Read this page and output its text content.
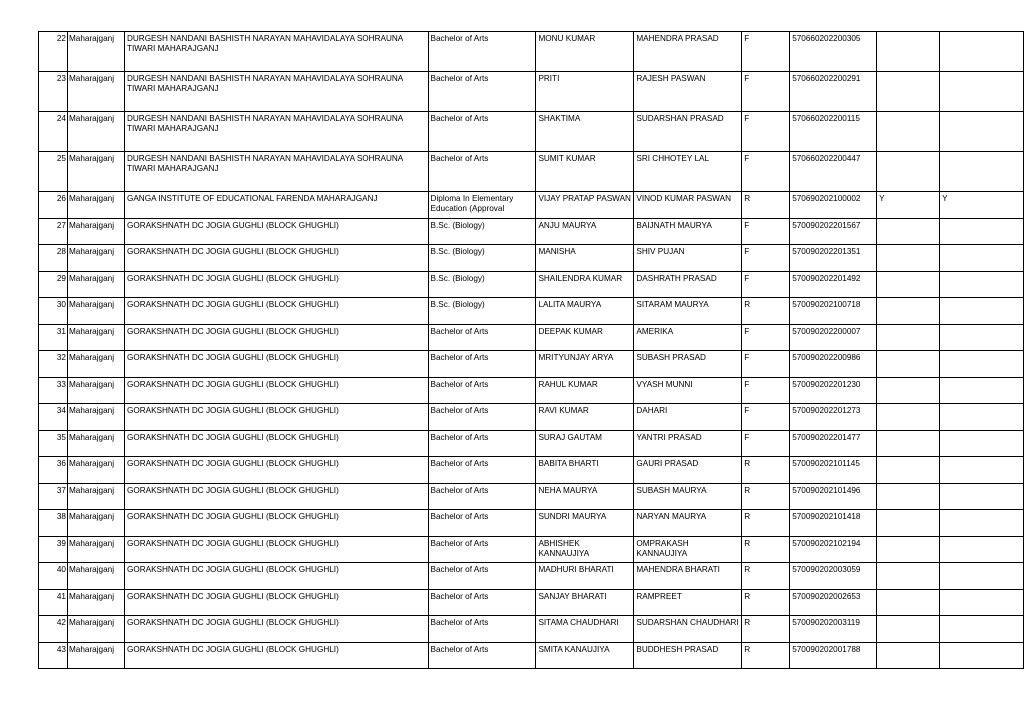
22	Maharajganj	DURGESH NANDANI BASHISTH NARAYAN MAHAVIDALAYA SOHRAUNA TIWARI MAHARAJGANJ	Bachelor of Arts	MONU KUMAR	MAHENDRA PRASAD	F	570660202200305		
23	Maharajganj	DURGESH NANDANI BASHISTH NARAYAN MAHAVIDALAYA SOHRAUNA TIWARI MAHARAJGANJ	Bachelor of Arts	PRITI	RAJESH PASWAN	F	570660202200291		
24	Maharajganj	DURGESH NANDANI BASHISTH NARAYAN MAHAVIDALAYA SOHRAUNA TIWARI MAHARAJGANJ	Bachelor of Arts	SHAKTIMA	SUDARSHAN PRASAD	F	570660202200115		
25	Maharajganj	DURGESH NANDANI BASHISTH NARAYAN MAHAVIDALAYA SOHRAUNA TIWARI MAHARAJGANJ	Bachelor of Arts	SUMIT KUMAR	SRI CHHOTEY LAL	F	570660202200447		
26	Maharajganj	GANGA INSTITUTE OF EDUCATIONAL FARENDA MAHARAJGANJ	Diploma In Elementary Education (Approval	VIJAY PRATAP PASWAN	VINOD KUMAR PASWAN	R	570690202100002	Y	Y
27	Maharajganj	GORAKSHNATH DC JOGIA GUGHLI (BLOCK GHUGHLI)	B.Sc. (Biology)	ANJU MAURYA	BAIJNATH MAURYA	F	570090202201567		
28	Maharajganj	GORAKSHNATH DC JOGIA GUGHLI (BLOCK GHUGHLI)	B.Sc. (Biology)	MANISHA	SHIV PUJAN	F	570090202201351		
29	Maharajganj	GORAKSHNATH DC JOGIA GUGHLI (BLOCK GHUGHLI)	B.Sc. (Biology)	SHAILENDRA KUMAR	DASHRATH PRASAD	F	570090202201492		
30	Maharajganj	GORAKSHNATH DC JOGIA GUGHLI (BLOCK GHUGHLI)	B.Sc. (Biology)	LALITA MAURYA	SITARAM MAURYA	R	570090202100718		
31	Maharajganj	GORAKSHNATH DC JOGIA GUGHLI (BLOCK GHUGHLI)	Bachelor of Arts	DEEPAK KUMAR	AMERIKA	F	570090202200007		
32	Maharajganj	GORAKSHNATH DC JOGIA GUGHLI (BLOCK GHUGHLI)	Bachelor of Arts	MRITYUNJAY ARYA	SUBASH PRASAD	F	570090202200986		
33	Maharajganj	GORAKSHNATH DC JOGIA GUGHLI (BLOCK GHUGHLI)	Bachelor of Arts	RAHUL KUMAR	VYASH MUNNI	F	570090202201230		
34	Maharajganj	GORAKSHNATH DC JOGIA GUGHLI (BLOCK GHUGHLI)	Bachelor of Arts	RAVI KUMAR	DAHARI	F	570090202201273		
35	Maharajganj	GORAKSHNATH DC JOGIA GUGHLI (BLOCK GHUGHLI)	Bachelor of Arts	SURAJ GAUTAM	YANTRI PRASAD	F	570090202201477		
36	Maharajganj	GORAKSHNATH DC JOGIA GUGHLI (BLOCK GHUGHLI)	Bachelor of Arts	BABITA BHARTI	GAURI PRASAD	R	570090202101145		
37	Maharajganj	GORAKSHNATH DC JOGIA GUGHLI (BLOCK GHUGHLI)	Bachelor of Arts	NEHA MAURYA	SUBASH MAURYA	R	570090202101496		
38	Maharajganj	GORAKSHNATH DC JOGIA GUGHLI (BLOCK GHUGHLI)	Bachelor of Arts	SUNDRI MAURYA	NARYAN MAURYA	R	570090202101418		
39	Maharajganj	GORAKSHNATH DC JOGIA GUGHLI (BLOCK GHUGHLI)	Bachelor of Arts	ABHISHEK KANNAUJIYA	OMPRAKASH KANNAUJIYA	R	570090202102194		
40	Maharajganj	GORAKSHNATH DC JOGIA GUGHLI (BLOCK GHUGHLI)	Bachelor of Arts	MADHURI BHARATI	MAHENDRA BHARATI	R	570090202003059		
41	Maharajganj	GORAKSHNATH DC JOGIA GUGHLI (BLOCK GHUGHLI)	Bachelor of Arts	SANJAY BHARATI	RAMPREET	R	570090202002653		
42	Maharajganj	GORAKSHNATH DC JOGIA GUGHLI (BLOCK GHUGHLI)	Bachelor of Arts	SITAMA CHAUDHARI	SUDARSHAN CHAUDHARI	R	570090202003119		
43	Maharajganj	GORAKSHNATH DC JOGIA GUGHLI (BLOCK GHUGHLI)	Bachelor of Arts	SMITA KANAUJIYA	BUDDHESH PRASAD	R	570090202001788		
